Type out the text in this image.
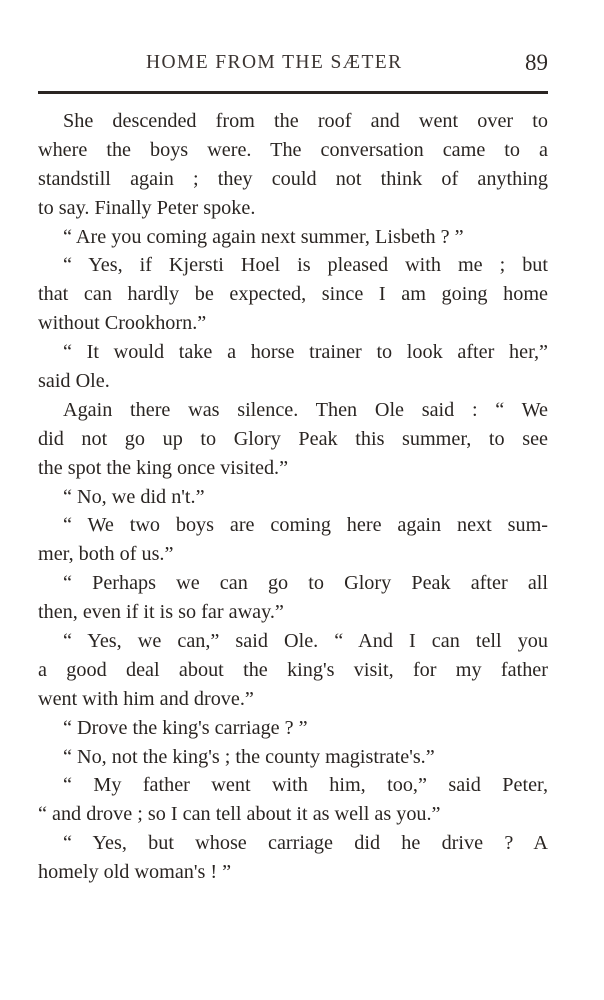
HOME FROM THE SÆTER	89
She descended from the roof and went over to
where the boys were. The conversation came to a
standstill again ; they could not think of anything
to say. Finally Peter spoke.
“ Are you coming again next summer, Lisbeth ? ”
“ Yes, if Kjersti Hoel is pleased with me ; but
that can hardly be expected, since I am going home
without Crookhorn.”
“ It would take a horse trainer to look after her,”
said Ole.
Again there was silence. Then Ole said : “ We
did not go up to Glory Peak this summer, to see
the spot the king once visited.”
“ No, we did n't.”
“ We two boys are coming here again next sum-
mer, both of us.”
“ Perhaps we can go to Glory Peak after all
then, even if it is so far away.”
“ Yes, we can,” said Ole. “ And I can tell you
a good deal about the king's visit, for my father
went with him and drove.”
“ Drove the king's carriage ? ”
“ No, not the king's ; the county magistrate's.”
“ My father went with him, too,” said Peter,
“ and drove ; so I can tell about it as well as you.”
“ Yes, but whose carriage did he drive ? A
homely old woman's ! ”
